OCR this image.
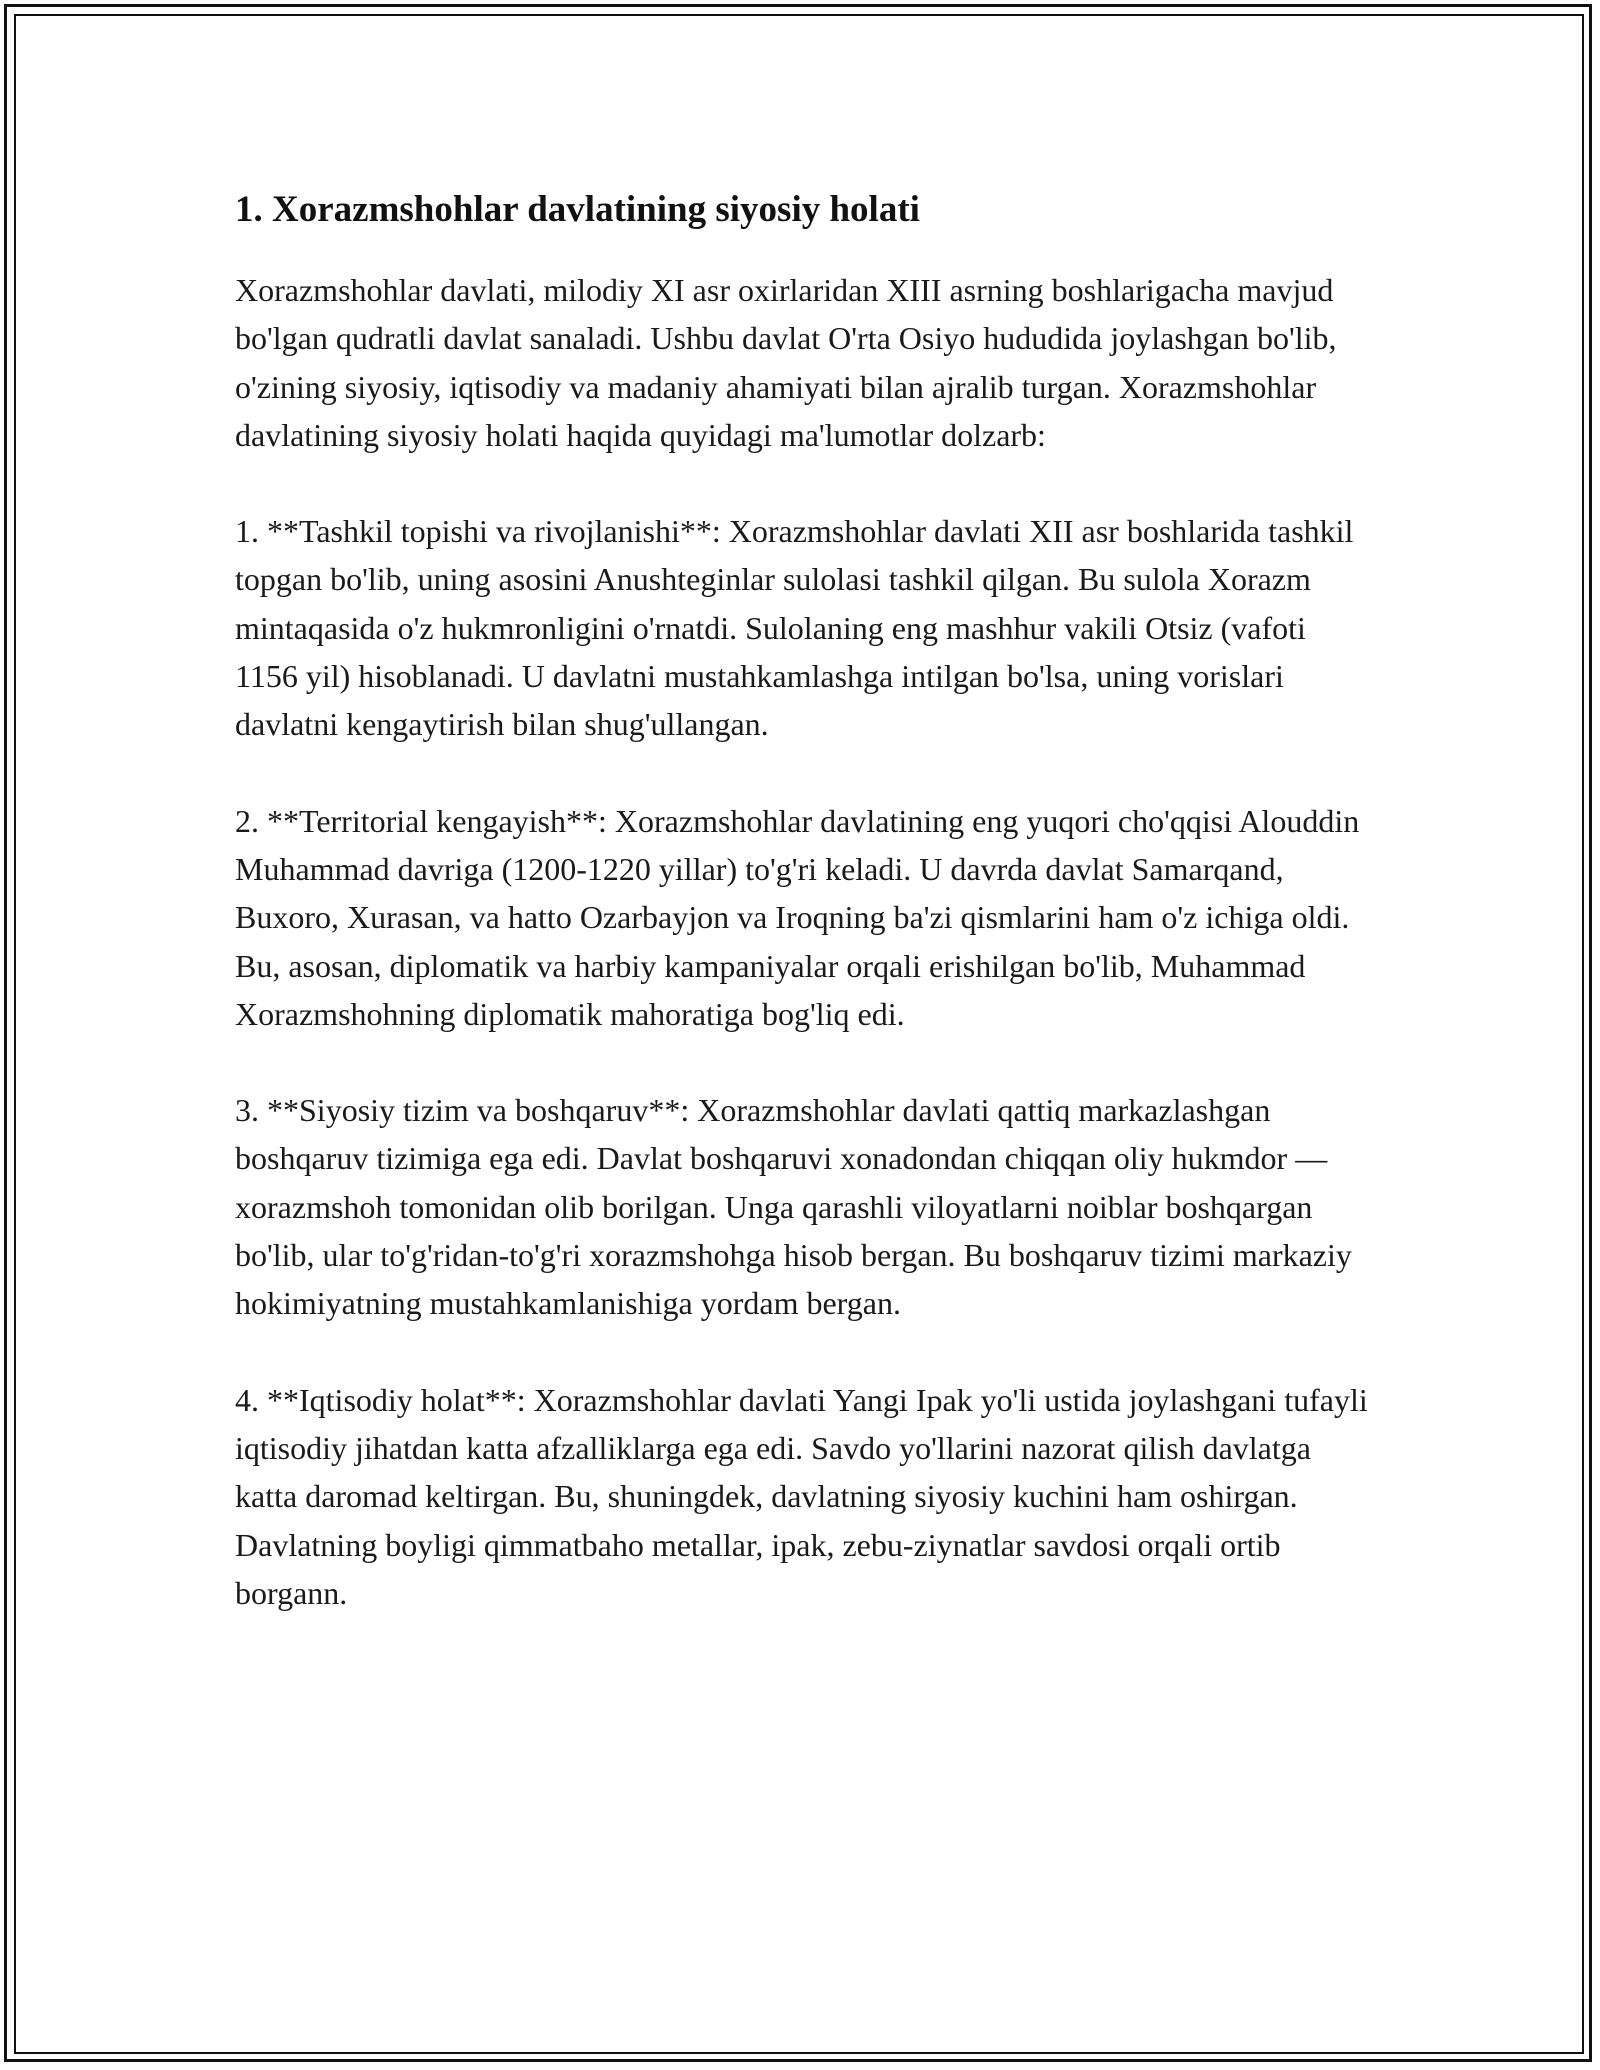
1. Xorazmshohlar davlatining siyosiy holati

Xorazmshohlar davlati, milodiy XI asr oxirlaridan XIII asrning boshlarigacha mavjud bo'lgan qudratli davlat sanaladi. Ushbu davlat O'rta Osiyo hududida joylashgan bo'lib, o'zining siyosiy, iqtisodiy va madaniy ahamiyati bilan ajralib turgan. Xorazmshohlar davlatining siyosiy holati haqida quyidagi ma'lumotlar dolzarb:

1. **Tashkil topishi va rivojlanishi**: Xorazmshohlar davlati XII asr boshlarida tashkil topgan bo'lib, uning asosini Anushteginlar sulolasi tashkil qilgan. Bu sulola Xorazm mintaqasida o'z hukmronligini o'rnatdi. Sulolaning eng mashhur vakili Otsiz (vafoti 1156 yil) hisoblanadi. U davlatni mustahkamlashga intilgan bo'lsa, uning vorislari davlatni kengaytirish bilan shug'ullangan.

2. **Territorial kengayish**: Xorazmshohlar davlatining eng yuqori cho'qqisi Alouddin Muhammad davriga (1200-1220 yillar) to'g'ri keladi. U davrda davlat Samarqand, Buxoro, Xurasan, va hatto Ozarbayjon va Iroqning ba'zi qismlarini ham o'z ichiga oldi. Bu, asosan, diplomatik va harbiy kampaniyalar orqali erishilgan bo'lib, Muhammad Xorazmshohning diplomatik mahoratiga bog'liq edi.

3. **Siyosiy tizim va boshqaruv**: Xorazmshohlar davlati qattiq markazlashgan boshqaruv tizimiga ega edi. Davlat boshqaruvi xonadondan chiqqan oliy hukmdor — xorazmshoh tomonidan olib borilgan. Unga qarashli viloyatlarni noiblar boshqargan bo'lib, ular to'g'ridan-to'g'ri xorazmshohga hisob bergan. Bu boshqaruv tizimi markaziy hokimiyatning mustahkamlanishiga yordam bergan.

4. **Iqtisodiy holat**: Xorazmshohlar davlati Yangi Ipak yo'li ustida joylashgani tufayli iqtisodiy jihatdan katta afzalliklarga ega edi. Savdo yo'llarini nazorat qilish davlatga katta daromad keltirgan. Bu, shuningdek, davlatning siyosiy kuchini ham oshirgan. Davlatning boyligi qimmatbaho metallar, ipak, zebu-ziynatlar savdosi orqali ortib borgann.
